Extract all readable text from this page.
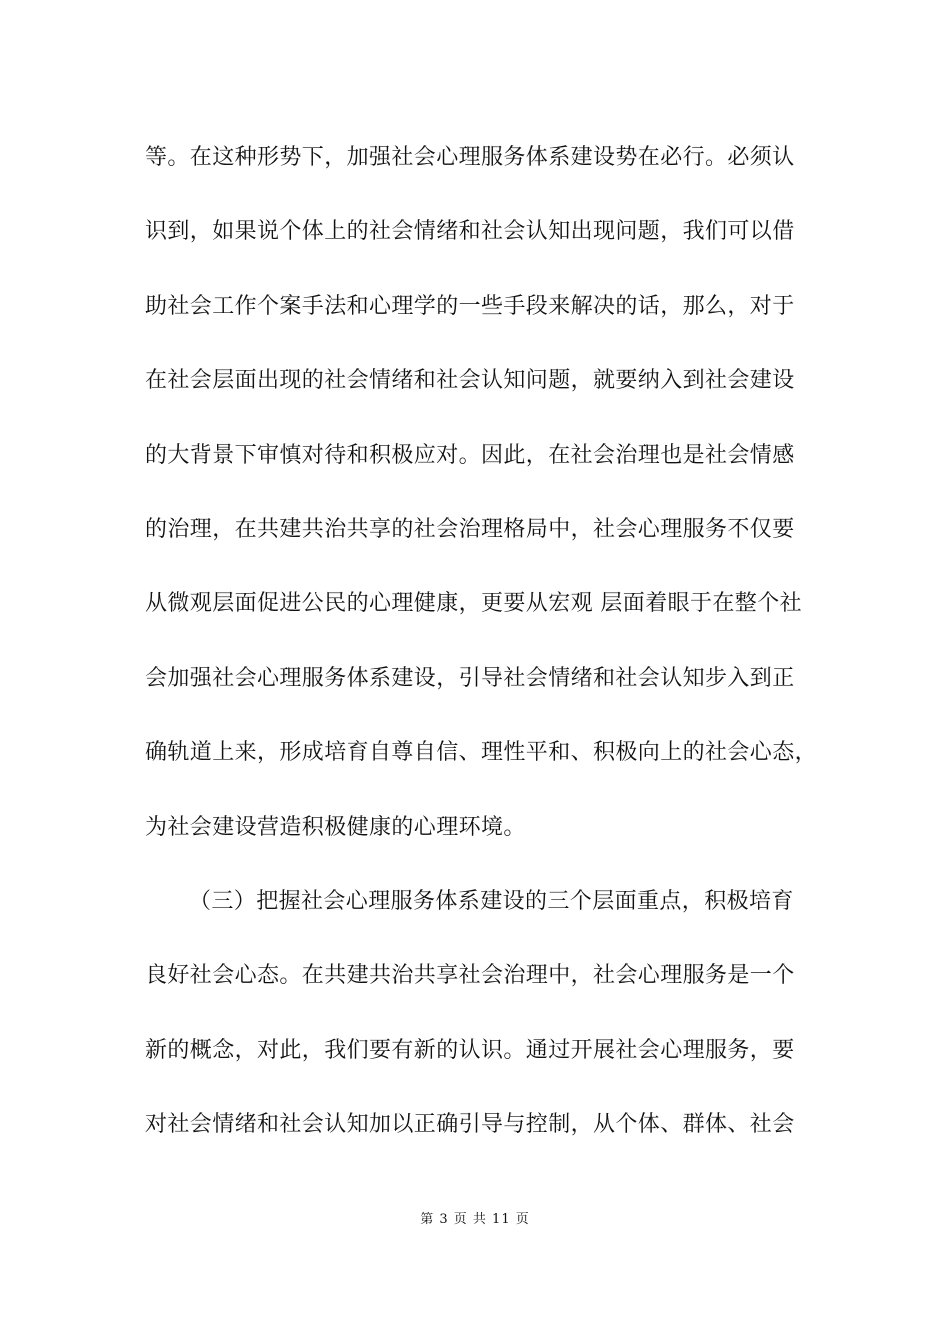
等。在这种形势下，加强社会心理服务体系建设势在必行。必须认
识到，如果说个体上的社会情绪和社会认知出现问题，我们可以借
助社会工作个案手法和心理学的一些手段来解决的话，那么，对于
在社会层面出现的社会情绪和社会认知问题，就要纳入到社会建设
的大背景下审慎对待和积极应对。因此，在社会治理也是社会情感
的治理，在共建共治共享的社会治理格局中，社会心理服务不仅要
从微观层面促进公民的心理健康，更要从宏观 层面着眼于在整个社
会加强社会心理服务体系建设，引导社会情绪和社会认知步入到正
确轨道上来，形成培育自尊自信、理性平和、积极向上的社会心态，
为社会建设营造积极健康的心理环境。
（三）把握社会心理服务体系建设的三个层面重点，积极培育
良好社会心态。在共建共治共享社会治理中，社会心理服务是一个
新的概念，对此，我们要有新的认识。通过开展社会心理服务，要
对社会情绪和社会认知加以正确引导与控制，从个体、群体、社会
第 3 页 共 11 页
